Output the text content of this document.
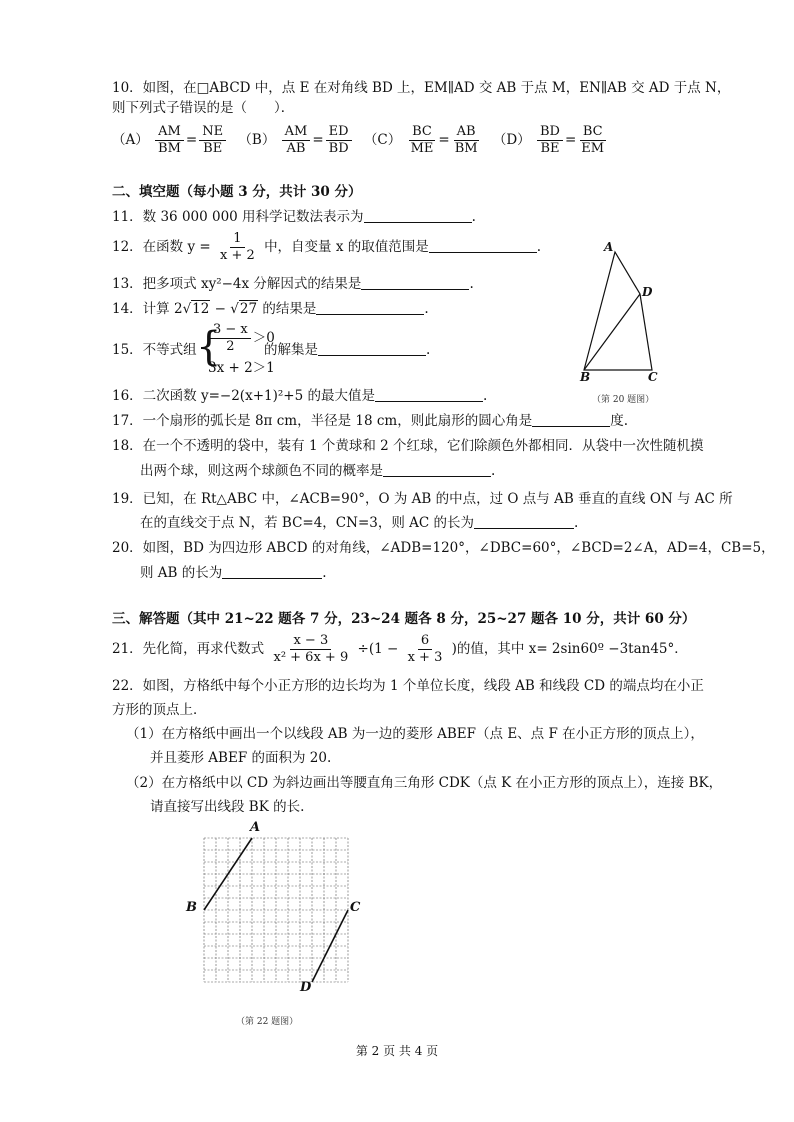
10．如图，在□ABCD 中，点 E 在对角线 BD 上，EM∥AD 交 AB 于点 M，EN∥AB 交 AD 于点 N，
则下列式子错误的是（　　）．
$(A) \frac{AM}{BM} = \frac{NE}{BE} (B) \frac{AM}{AB} = \frac{ED}{BD} (C) \frac{BC}{ME} = \frac{AB}{BM} (D) \frac{BD}{BE} = \frac{BC}{EM}$
二、填空题（每小题 3 分，共计 30 分）
11．数 36 000 000 用科学记数法表示为	.
12．在函数 $y = \frac{1}{x + 2}$ 中，自变量 x 的取值范围是	.
13．把多项式 xy²−4x 分解因式的结果是	.
14．计算 2√12 − √27 的结果是	.
15．不等式组 {
$\frac{3 - x}{2} >0$
3x + 2＞1
的解集是	.
16．二次函数 y=−2(x+1)²+5 的最大值是	.
17．一个扇形的弧长是 8π cm，半径是 18 cm，则此扇形的圆心角是	度.
18．在一个不透明的袋中，装有 1 个黄球和 2 个红球，它们除颜色外都相同．从袋中一次性随机摸
出两个球，则这两个球颜色不同的概率是	.
19．已知，在 Rt△ABC 中，∠ACB=90°，O 为 AB 的中点，过 O 点与 AB 垂直的直线 ON 与 AC 所
在的直线交于点 N，若 BC=4，CN=3，则 AC 的长为	.
20．如图，BD 为四边形 ABCD 的对角线，∠ADB=120°，∠DBC=60°，∠BCD=2∠A，AD=4，CB=5，
则 AB 的长为	.
A
B	C
D
（第 20 题图）
三、解答题（其中 21~22 题各 7 分，23~24 题各 8 分，25~27 题各 10 分，共计 60 分）
21．先化简，再求代数式 $\frac{x - 3}{\text{x² + 6x + 9}} \div(1 - \frac{6}{x + 3}$ )的值，其中 x= 2sin60º −3tan45°．
22．如图，方格纸中每个小正方形的边长均为 1 个单位长度，线段 AB 和线段 CD 的端点均在小正
方形的顶点上．
（1）在方格纸中画出一个以线段 AB 为一边的菱形 ABEF（点 E、点 F 在小正方形的顶点上），
并且菱形 ABEF 的面积为 20.
（2）在方格纸中以 CD 为斜边画出等腰直角三角形 CDK（点 K 在小正方形的顶点上），连接 BK，
请直接写出线段 BK 的长.
A
B	C
D
（第 22 题图）
第 2 页 共 4 页
